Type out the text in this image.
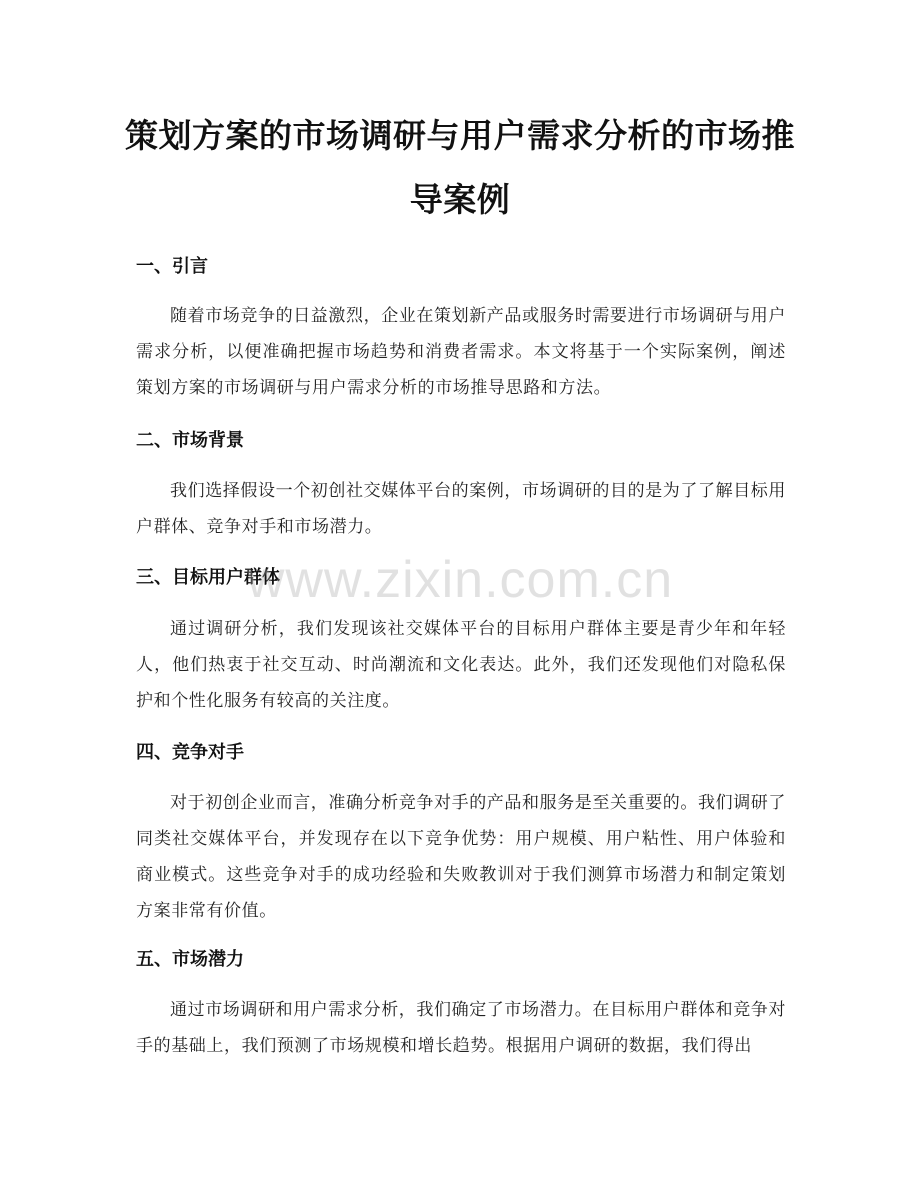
策划方案的市场调研与用户需求分析的市场推导案例
一、引言

随着市场竞争的日益激烈，企业在策划新产品或服务时需要进行市场调研与用户需求分析，以便准确把握市场趋势和消费者需求。本文将基于一个实际案例，阐述策划方案的市场调研与用户需求分析的市场推导思路和方法。

二、市场背景

我们选择假设一个初创社交媒体平台的案例，市场调研的目的是为了了解目标用户群体、竞争对手和市场潜力。

三、目标用户群体

通过调研分析，我们发现该社交媒体平台的目标用户群体主要是青少年和年轻人，他们热衷于社交互动、时尚潮流和文化表达。此外，我们还发现他们对隐私保护和个性化服务有较高的关注度。

四、竞争对手

对于初创企业而言，准确分析竞争对手的产品和服务是至关重要的。我们调研了同类社交媒体平台，并发现存在以下竞争优势：用户规模、用户粘性、用户体验和商业模式。这些竞争对手的成功经验和失败教训对于我们测算市场潜力和制定策划方案非常有价值。

五、市场潜力

通过市场调研和用户需求分析，我们确定了市场潜力。在目标用户群体和竞争对手的基础上，我们预测了市场规模和增长趋势。根据用户调研的数据，我们得出

www.zixin.com.cn
